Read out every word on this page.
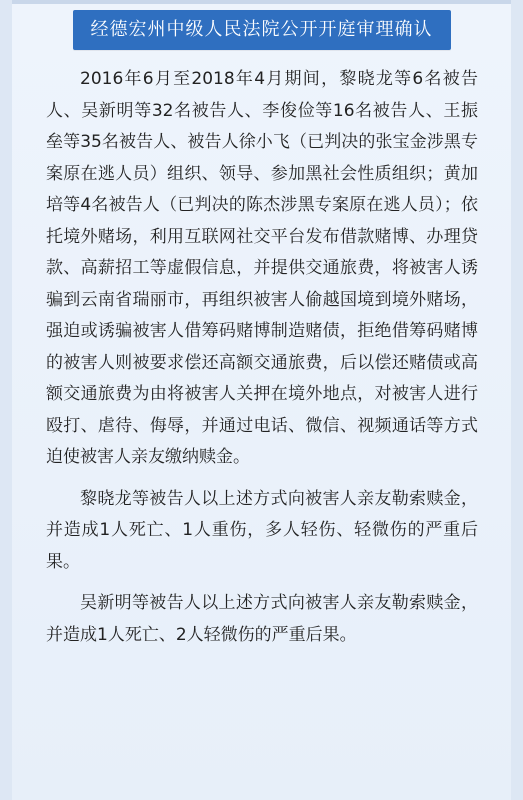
经德宏州中级人民法院公开开庭审理确认

2016年6月至2018年4月期间，黎晓龙等6名被告人、吴新明等32名被告人、李俊俭等16名被告人、王振垒等35名被告人、被告人徐小飞（已判决的张宝金涉黑专案原在逃人员）组织、领导、参加黑社会性质组织；黄加培等4名被告人（已判决的陈杰涉黑专案原在逃人员）；依托境外赌场，利用互联网社交平台发布借款赌博、办理贷款、高薪招工等虚假信息，并提供交通旅费，将被害人诱骗到云南省瑞丽市，再组织被害人偷越国境到境外赌场，强迫或诱骗被害人借筹码赌博制造赌债，拒绝借筹码赌博的被害人则被要求偿还高额交通旅费，后以偿还赌债或高额交通旅费为由将被害人关押在境外地点，对被害人进行殴打、虐待、侮辱，并通过电话、微信、视频通话等方式迫使被害人亲友缴纳赎金。

黎晓龙等被告人以上述方式向被害人亲友勒索赎金，并造成1人死亡、1人重伤，多人轻伤、轻微伤的严重后果。

吴新明等被告人以上述方式向被害人亲友勒索赎金，并造成1人死亡、2人轻微伤的严重后果。
